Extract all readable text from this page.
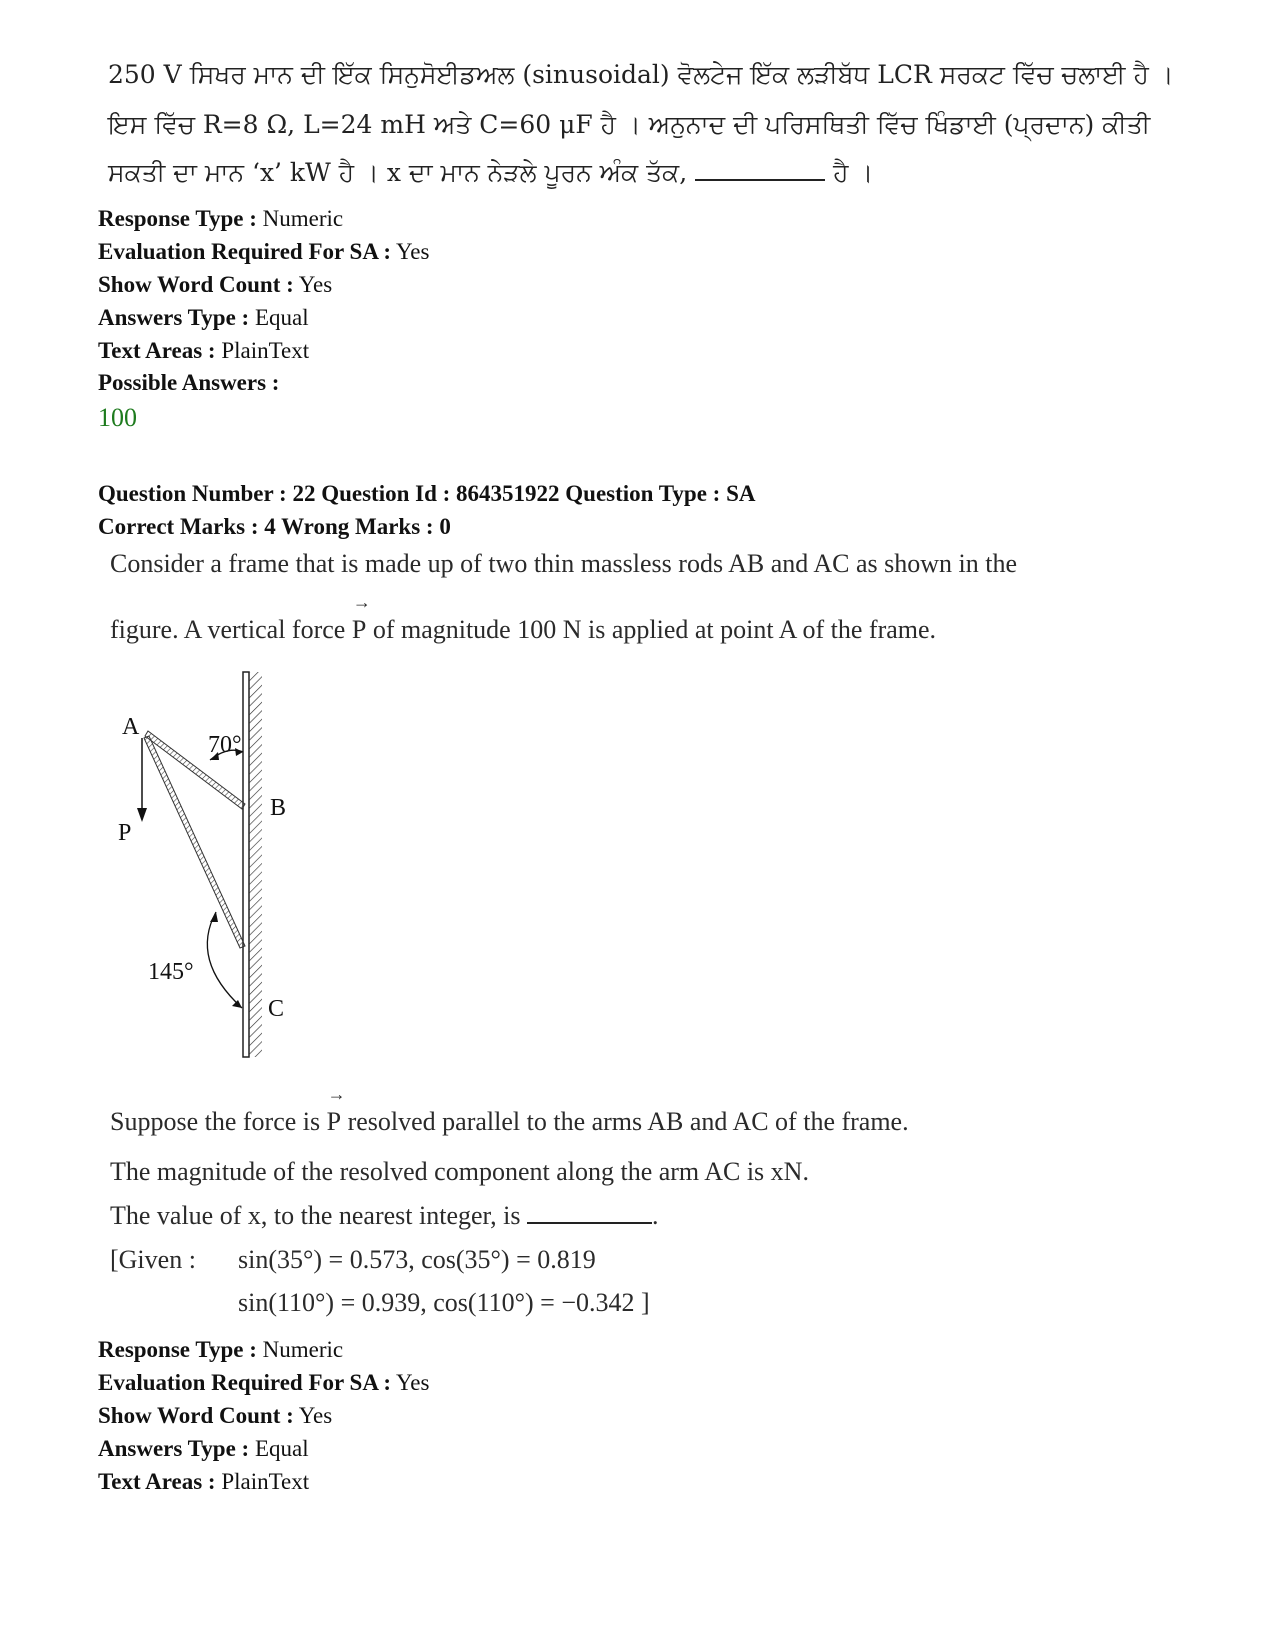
250 V ਸਿਖਰ ਮਾਨ ਦੀ ਇੱਕ ਸਿਨੁਸੋਈਡਅਲ (sinusoidal) ਵੋਲਟੇਜ ਇੱਕ ਲੜੀਬੱਧ LCR ਸਰਕਟ ਵਿੱਚ ਚਲਾਈ ਹੈ ।
ਇਸ ਵਿੱਚ R=8 Ω, L=24 mH ਅਤੇ C=60 μF ਹੈ । ਅਨੁਨਾਦ ਦੀ ਪਰਿਸਥਿਤੀ ਵਿੱਚ ਖਿੰਡਾਈ (ਪ੍ਰਦਾਨ) ਕੀਤੀ
ਸਕਤੀ ਦਾ ਮਾਨ ‘x’ kW ਹੈ । x ਦਾ ਮਾਨ ਨੇੜਲੇ ਪੂਰਨ ਅੰਕ ਤੱਕ,	ਹੈ ।
Response Type : Numeric
Evaluation Required For SA : Yes
Show Word Count : Yes
Answers Type : Equal
Text Areas : PlainText
Possible Answers :
100
Question Number : 22 Question Id : 864351922 Question Type : SA
Correct Marks : 4 Wrong Marks : 0
Consider a frame that is made up of two thin massless rods AB and AC as shown in the
figure. A vertical force
→
P of magnitude 100 N is applied at point A of the frame.
A
B
C
P
70°
145°
Suppose the force is
→
P resolved parallel to the arms AB and AC of the frame.
The magnitude of the resolved component along the arm AC is xN.
The value of x, to the nearest integer, is	.
[Given : sin(35°) = 0.573, cos(35°) = 0.819
sin(110°) = 0.939, cos(110°) = −0.342 ]
Response Type : Numeric
Evaluation Required For SA : Yes
Show Word Count : Yes
Answers Type : Equal
Text Areas : PlainText
